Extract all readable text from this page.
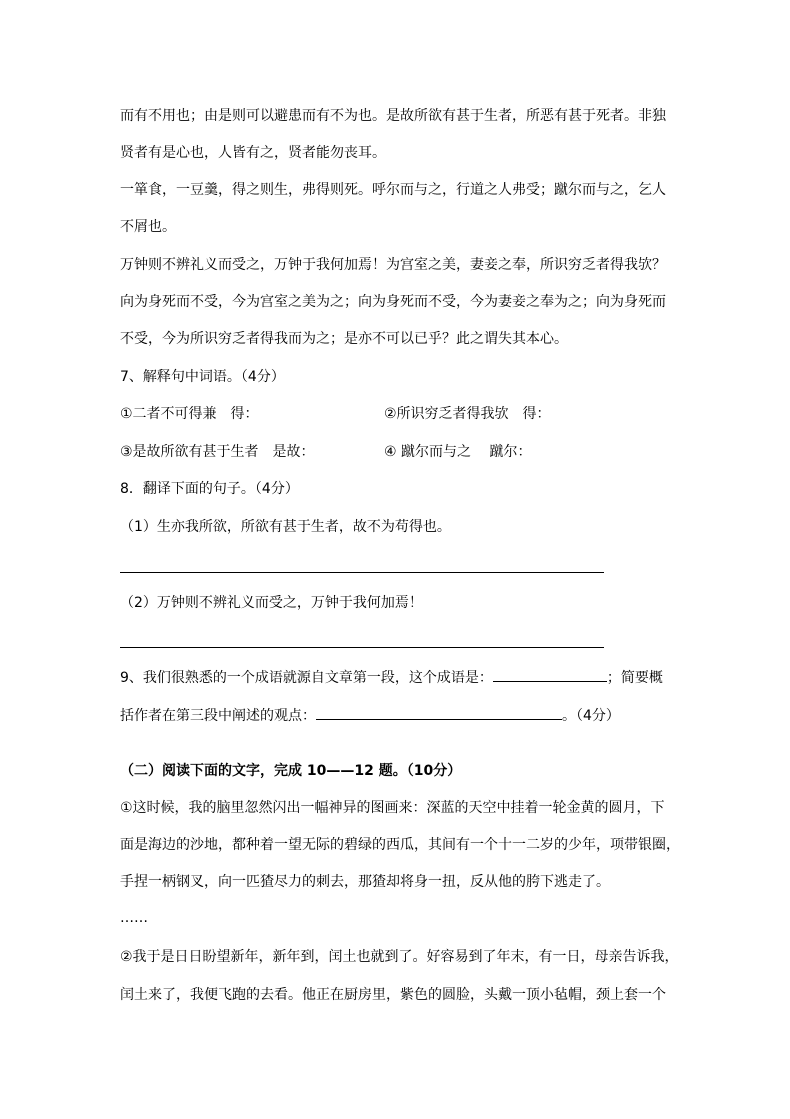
而有不用也；由是则可以避患而有不为也。是故所欲有甚于生者，所恶有甚于死者。非独
贤者有是心也，人皆有之，贤者能勿丧耳。
一箪食，一豆羹，得之则生，弗得则死。呼尔而与之，行道之人弗受；蹴尔而与之，乞人
不屑也。
万钟则不辨礼义而受之，万钟于我何加焉！为宫室之美，妻妾之奉，所识穷乏者得我欤？
向为身死而不受，今为宫室之美为之；向为身死而不受，今为妻妾之奉为之；向为身死而
不受，今为所识穷乏者得我而为之；是亦不可以已乎？此之谓失其本心。
7、解释句中词语。（4分）
①二者不可得兼　得：	②所识穷乏者得我欤　得：
③是故所欲有甚于生者　是故：	④ 蹴尔而与之　 蹴尔：
8．翻译下面的句子。（4分）
（1）生亦我所欲，所欲有甚于生者，故不为苟得也。
（2）万钟则不辨礼义而受之，万钟于我何加焉！
9、我们很熟悉的一个成语就源自文章第一段，这个成语是：	；简要概
括作者在第三段中阐述的观点：	。（4分）
（二）阅读下面的文字，完成 10——12 题。（10分）
①这时候，我的脑里忽然闪出一幅神异的图画来：深蓝的天空中挂着一轮金黄的圆月，下
面是海边的沙地，都种着一望无际的碧绿的西瓜，其间有一个十一二岁的少年，项带银圈，
手捏一柄钢叉，向一匹猹尽力的刺去，那猹却将身一扭，反从他的胯下逃走了。
……
②我于是日日盼望新年，新年到，闰土也就到了。好容易到了年末，有一日，母亲告诉我，
闰土来了，我便飞跑的去看。他正在厨房里，紫色的圆脸，头戴一顶小毡帽，颈上套一个
